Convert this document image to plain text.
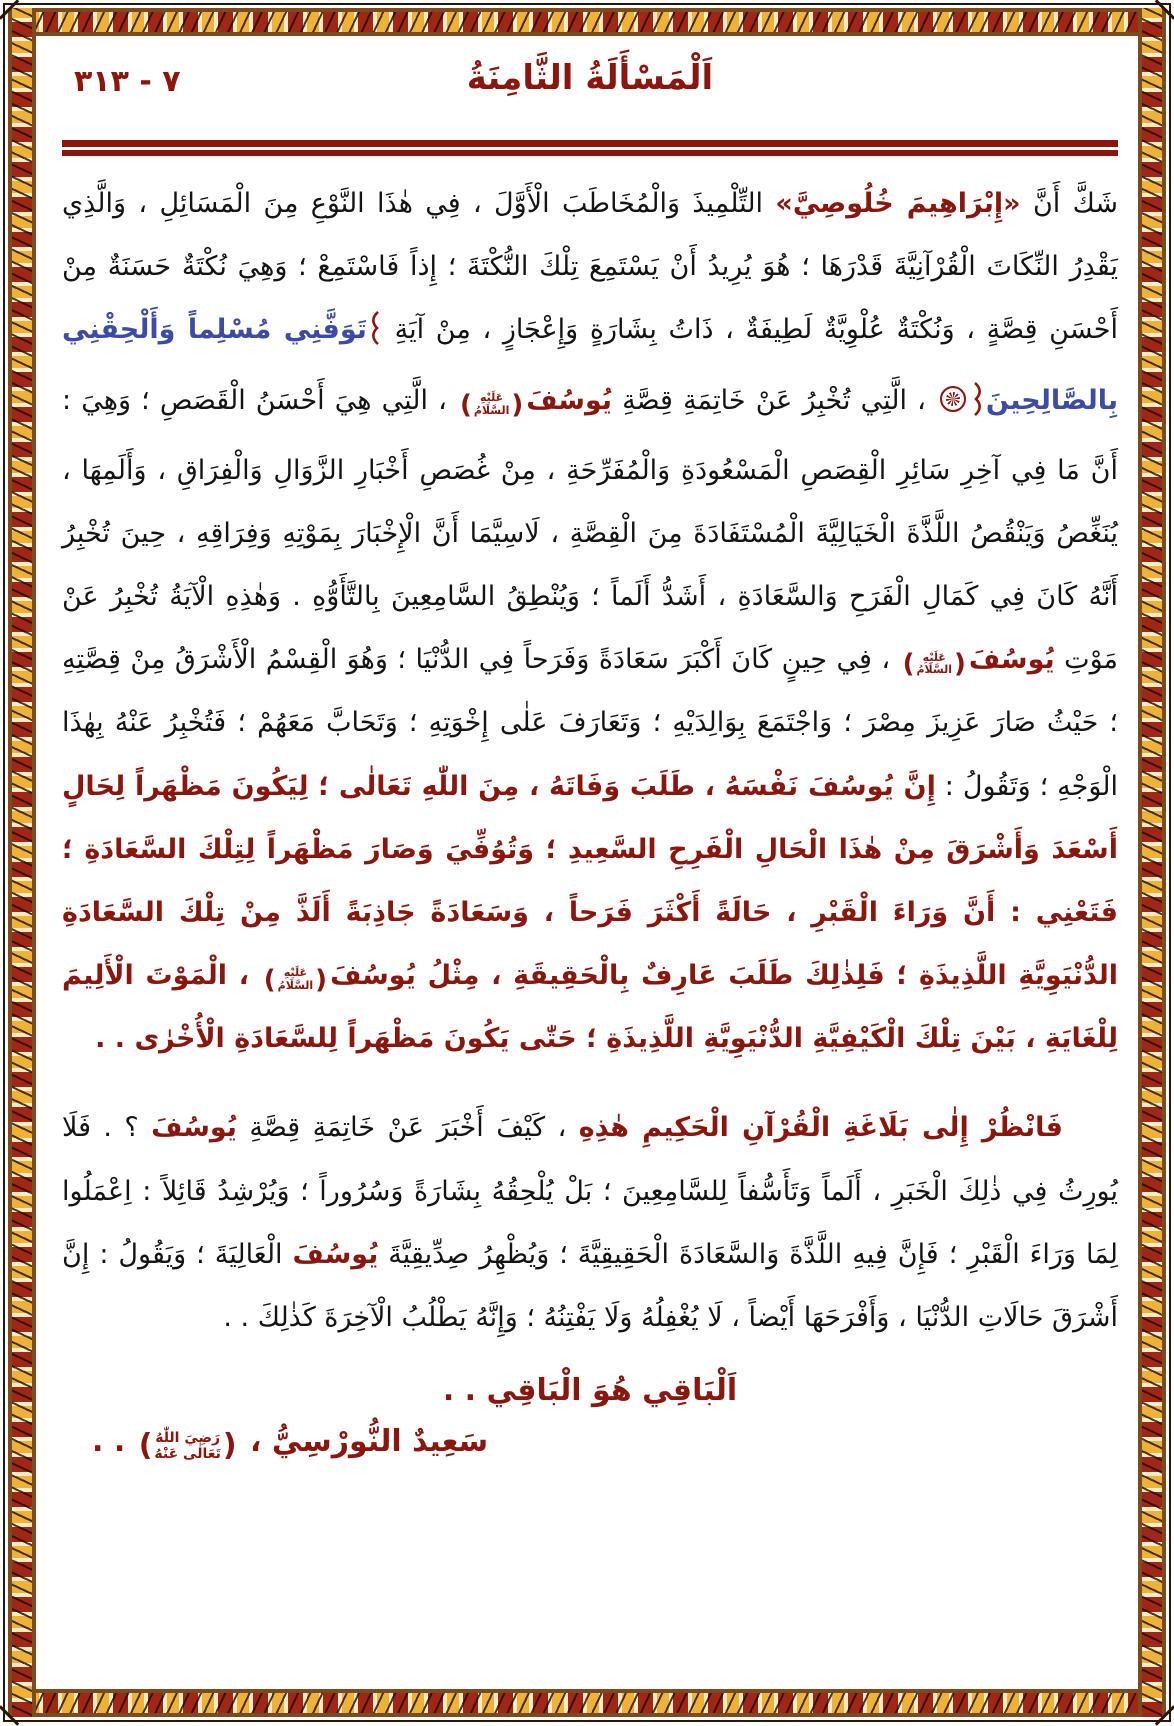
٧ - ٣١٣	اَلْمَسْأَلَةُ الثَّامِنَةُ

شَكَّ أَنَّ «إِبْرَاهِيمَ خُلُوصِيَّ» التِّلْمِيذَ وَالْمُخَاطَبَ الْأَوَّلَ ، فِي هٰذَا النَّوْعِ مِنَ الْمَسَائِلِ ، وَالَّذِي يَقْدِرُ النِّكَاتَ الْقُرْآنِيَّةَ قَدْرَهَا ؛ هُوَ يُرِيدُ أَنْ يَسْتَمِعَ تِلْكَ النُّكْتَةَ ؛ إِذاً فَاسْتَمِعْ ؛ وَهِيَ نُكْتَةٌ حَسَنَةٌ مِنْ أَحْسَنِ قِصَّةٍ ، وَنُكْتَةٌ عُلْوِيَّةٌ لَطِيفَةٌ ، ذَاتُ بِشَارَةٍ وَإِعْجَازٍ ، مِنْ آيَةِ تَوَفَّنِي مُسْلِماً وَأَلْحِقْنِي بِالصَّالِحِينَ ، الَّتِي تُخْبِرُ عَنْ خَاتِمَةِ قِصَّةِ يُوسُفَ
(
عَلَيْهِ
السَّلَامُ
)
، الَّتِي هِيَ أَحْسَنُ الْقَصَصِ ؛ وَهِيَ : أَنَّ مَا فِي آخِرِ سَائِرِ الْقِصَصِ الْمَسْعُودَةِ وَالْمُفَرِّحَةِ ، مِنْ غُصَصِ أَخْبَارِ الزَّوَالِ وَالْفِرَاقِ ، وَأَلَمِهَا ، يُنَغِّصُ وَيَنْقُصُ اللَّذَّةَ الْخَيَالِيَّةَ الْمُسْتَفَادَةَ مِنَ الْقِصَّةِ ، لَاسِيَّمَا أَنَّ الْإِخْبَارَ بِمَوْتِهِ وَفِرَاقِهِ ، حِينَ تُخْبِرُ أَنَّهُ كَانَ فِي كَمَالِ الْفَرَحِ وَالسَّعَادَةِ ، أَشَدُّ أَلَماً ؛ وَيُنْطِقُ السَّامِعِينَ بِالتَّأَوُّهِ . وَهٰذِهِ الْآيَةُ تُخْبِرُ عَنْ مَوْتِ يُوسُفَ
(
عَلَيْهِ
السَّلَامُ
)
، فِي حِينٍ كَانَ أَكْبَرَ سَعَادَةً وَفَرَحاً فِي الدُّنْيَا ؛ وَهُوَ الْقِسْمُ الْأَشْرَقُ مِنْ قِصَّتِهِ ؛ حَيْثُ صَارَ عَزِيزَ مِصْرَ ؛ وَاجْتَمَعَ بِوَالِدَيْهِ ؛ وَتَعَارَفَ عَلٰى إِخْوَتِهِ ؛ وَتَحَابَّ مَعَهُمْ ؛ فَتُخْبِرُ عَنْهُ بِهٰذَا الْوَجْهِ ؛ وَتَقُولُ : إِنَّ يُوسُفَ نَفْسَهُ ، طَلَبَ وَفَاتَهُ ، مِنَ اللّٰهِ تَعَالٰى ؛ لِيَكُونَ مَظْهَراً لِحَالٍ أَسْعَدَ وَأَشْرَقَ مِنْ هٰذَا الْحَالِ الْفَرِحِ السَّعِيدِ ؛ وَتُوُفِّيَ وَصَارَ مَظْهَراً لِتِلْكَ السَّعَادَةِ ؛ فَتَعْنِي : أَنَّ وَرَاءَ الْقَبْرِ ، حَالَةً أَكْثَرَ فَرَحاً ، وَسَعَادَةً جَاذِبَةً أَلَذَّ مِنْ تِلْكَ السَّعَادَةِ الدُّنْيَوِيَّةِ اللَّذِيذَةِ ؛ فَلِذٰلِكَ طَلَبَ عَارِفٌ بِالْحَقِيقَةِ ، مِثْلُ يُوسُفَ
(
عَلَيْهِ
السَّلَامُ
)
، الْمَوْتَ الْأَلِيمَ لِلْغَايَةِ ، بَيْنَ تِلْكَ الْكَيْفِيَّةِ الدُّنْيَوِيَّةِ اللَّذِيذَةِ ؛ حَتّٰى يَكُونَ مَظْهَراً لِلسَّعَادَةِ الْأُخْرٰى . .

فَانْظُرْ إِلٰى بَلَاغَةِ الْقُرْآنِ الْحَكِيمِ هٰذِهِ ، كَيْفَ أَخْبَرَ عَنْ خَاتِمَةِ قِصَّةِ يُوسُفَ ؟ . فَلَا يُورِثُ فِي ذٰلِكَ الْخَبَرِ ، أَلَماً وَتَأَسُّفاً لِلسَّامِعِينَ ؛ بَلْ يُلْحِقُهُ بِشَارَةً وَسُرُوراً ؛ وَيُرْشِدُ قَائِلاً : اِعْمَلُوا لِمَا وَرَاءَ الْقَبْرِ ؛ فَإِنَّ فِيهِ اللَّذَّةَ وَالسَّعَادَةَ الْحَقِيقِيَّةَ ؛ وَيُظْهِرُ صِدِّيقِيَّةَ يُوسُفَ الْعَالِيَةَ ؛ وَيَقُولُ : إِنَّ أَشْرَقَ حَالَاتِ الدُّنْيَا ، وَأَفْرَحَهَا أَيْضاً ، لَا يُغْفِلُهُ وَلَا يَفْتِنُهُ ؛ وَإِنَّهُ يَطْلُبُ الْآخِرَةَ كَذٰلِكَ . .

اَلْبَاقِي هُوَ الْبَاقِي . .
سَعِيدٌ النُّورْسِيُّ ،
(
رَضِيَ اللّٰهُ
تَعَالٰى عَنْهُ
)
. .
